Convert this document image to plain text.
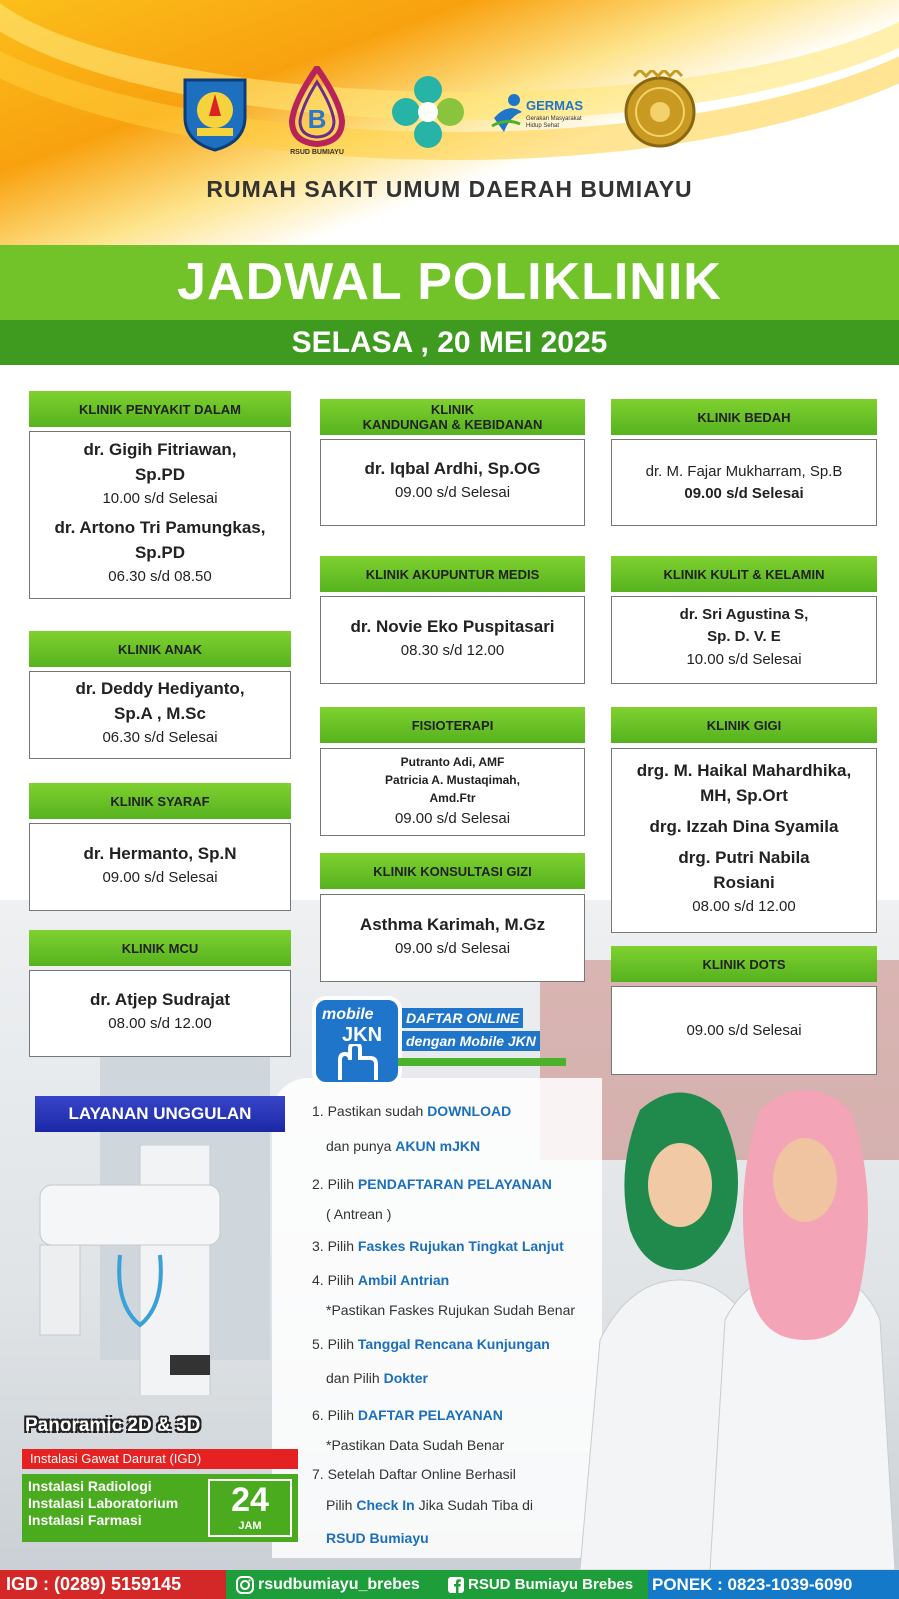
B
RSUD BUMIAYU
GERMAS
Gerakan Masyarakat Hidup Sehat
RUMAH SAKIT UMUM DAERAH BUMIAYU
JADWAL POLIKLINIK
SELASA , 20 MEI 2025
KLINIK PENYAKIT DALAM
dr. Gigih Fitriawan,
Sp.PD
10.00 s/d Selesai
dr. Artono Tri Pamungkas,
Sp.PD
06.30 s/d 08.50
KLINIK ANAK
dr. Deddy Hediyanto,
Sp.A , M.Sc
06.30 s/d Selesai
KLINIK SYARAF
dr. Hermanto, Sp.N
09.00 s/d Selesai
KLINIK MCU
dr. Atjep Sudrajat
08.00 s/d 12.00
KLINIK
KANDUNGAN & KEBIDANAN
dr. Iqbal Ardhi, Sp.OG
09.00 s/d Selesai
KLINIK AKUPUNTUR MEDIS
dr. Novie Eko Puspitasari
08.30 s/d 12.00
FISIOTERAPI
Putranto Adi, AMF
Patricia A. Mustaqimah,
Amd.Ftr
09.00 s/d Selesai
KLINIK KONSULTASI GIZI
Asthma Karimah, M.Gz
09.00 s/d Selesai
KLINIK BEDAH
dr. M. Fajar Mukharram, Sp.B
09.00 s/d Selesai
KLINIK KULIT & KELAMIN
dr. Sri Agustina S,
Sp. D. V. E
10.00 s/d Selesai
KLINIK GIGI
drg. M. Haikal Mahardhika,
MH, Sp.Ort
drg. Izzah Dina Syamila
drg. Putri Nabila
Rosiani
08.00 s/d 12.00
KLINIK DOTS
09.00 s/d Selesai
mobile
JKN
DAFTAR ONLINE
dengan Mobile JKN
1. Pastikan sudah DOWNLOAD
dan punya AKUN mJKN
2. Pilih PENDAFTARAN PELAYANAN
( Antrean )
3. Pilih Faskes Rujukan Tingkat Lanjut
4. Pilih Ambil Antrian
*Pastikan Faskes Rujukan Sudah Benar
5. Pilih Tanggal Rencana Kunjungan
dan Pilih Dokter
6. Pilih DAFTAR PELAYANAN
*Pastikan Data Sudah Benar
7. Setelah Daftar Online Berhasil
Pilih Check In Jika Sudah Tiba di
RSUD Bumiayu
LAYANAN UNGGULAN
Panoramic 2D & 3D
Instalasi Gawat Darurat (IGD)
Instalasi Radiologi
Instalasi Laboratorium
Instalasi Farmasi
24
JAM
IGD : (0289) 5159145	rsudbumiayu_brebes	RSUD Bumiayu Brebes PONEK : 0823-1039-6090
